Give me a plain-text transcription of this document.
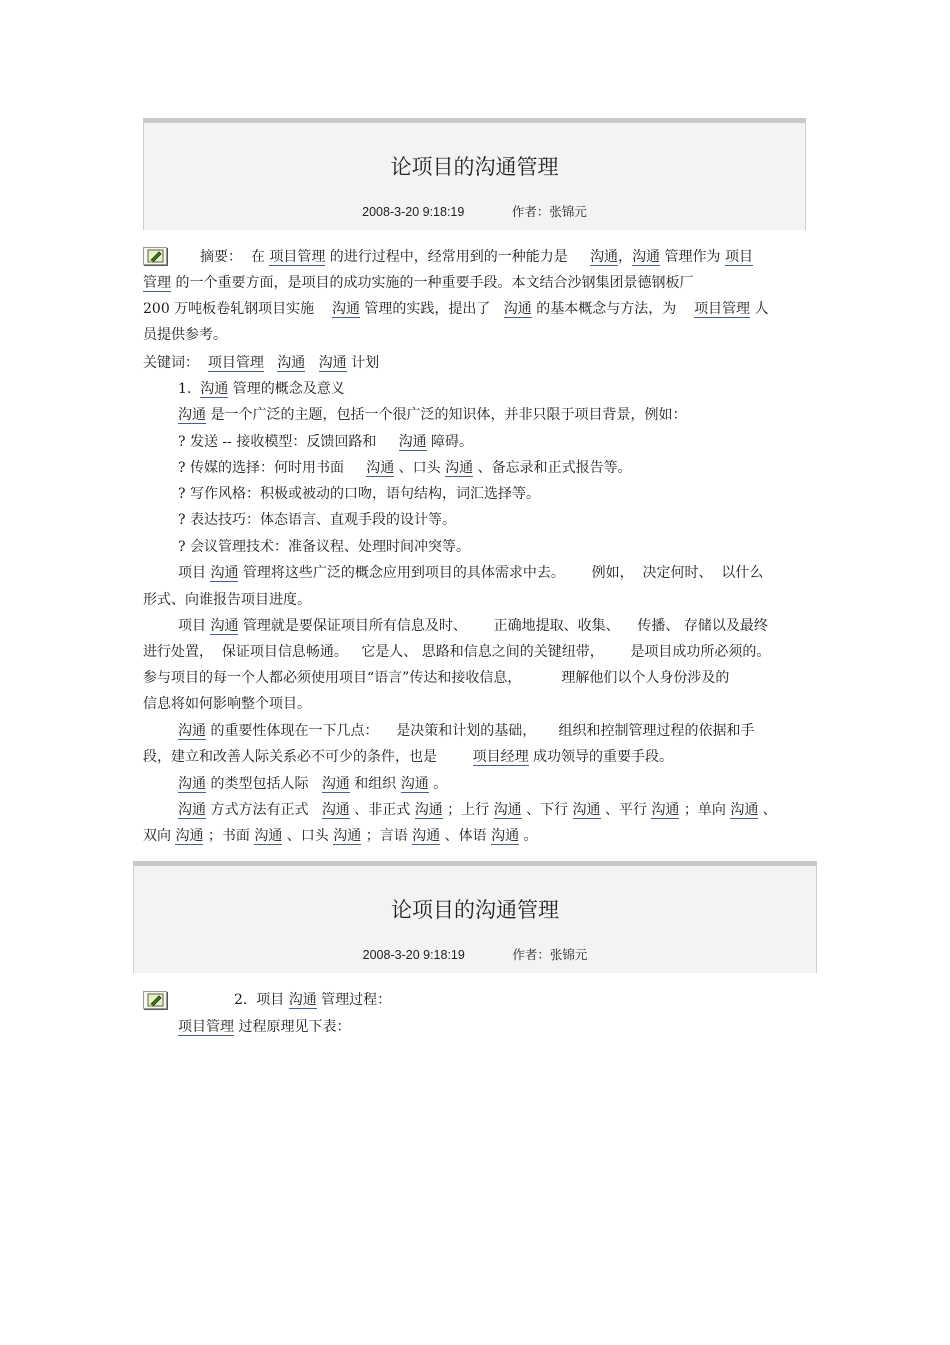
论项目的沟通管理
2008-3-20 9:18:19	作者：张锦元
论项目的沟通管理
2008-3-20 9:18:19	作者：张锦元
摘要：  在 项目管理 的进行过程中，经常用到的一种能力是     沟通，沟通 管理作为 项目
管理 的一个重要方面，是项目的成功实施的一种重要手段。本文结合沙钢集团景德钢板厂
200 万吨板卷轧钢项目实施    沟通 管理的实践，提出了   沟通 的基本概念与方法，为    项目管理 人
员提供参考。
关键词：  项目管理 沟通 沟通 计划
1.  沟通 管理的概念及意义
沟通 是一个广泛的主题，包括一个很广泛的知识体，并非只限于项目背景，例如：
? 发送 -- 接收模型：反馈回路和     沟通 障碍。
? 传媒的选择：何时用书面     沟通 、口头 沟通 、备忘录和正式报告等。
? 写作风格：积极或被动的口吻，语句结构，词汇选择等。
? 表达技巧：体态语言、直观手段的设计等。
? 会议管理技术：准备议程、处理时间冲突等。
项目 沟通 管理将这些广泛的概念应用到项目的具体需求中去。      例如，  决定何时、  以什么
形式、向谁报告项目进度。
项目 沟通 管理就是要保证项目所有信息及时、      正确地提取、收集、    传播、 存储以及最终
进行处置，  保证项目信息畅通。   它是人、 思路和信息之间的关键纽带，      是项目成功所必须的。
参与项目的每一个人都必须使用项目“语言”传达和接收信息，         理解他们以个人身份涉及的
信息将如何影响整个项目。
沟通 的重要性体现在一下几点：    是决策和计划的基础，     组织和控制管理过程的依据和手
段，建立和改善人际关系必不可少的条件，也是        项目经理 成功领导的重要手段。
沟通 的类型包括人际   沟通 和组织 沟通 。
沟通 方式方法有正式   沟通 、非正式 沟通 ；上行 沟通 、下行 沟通 、平行 沟通 ；单向 沟通 、
双向 沟通 ；书面 沟通 、口头 沟通 ；言语 沟通 、体语 沟通 。
2.  项目 沟通 管理过程：
项目管理 过程原理见下表：
